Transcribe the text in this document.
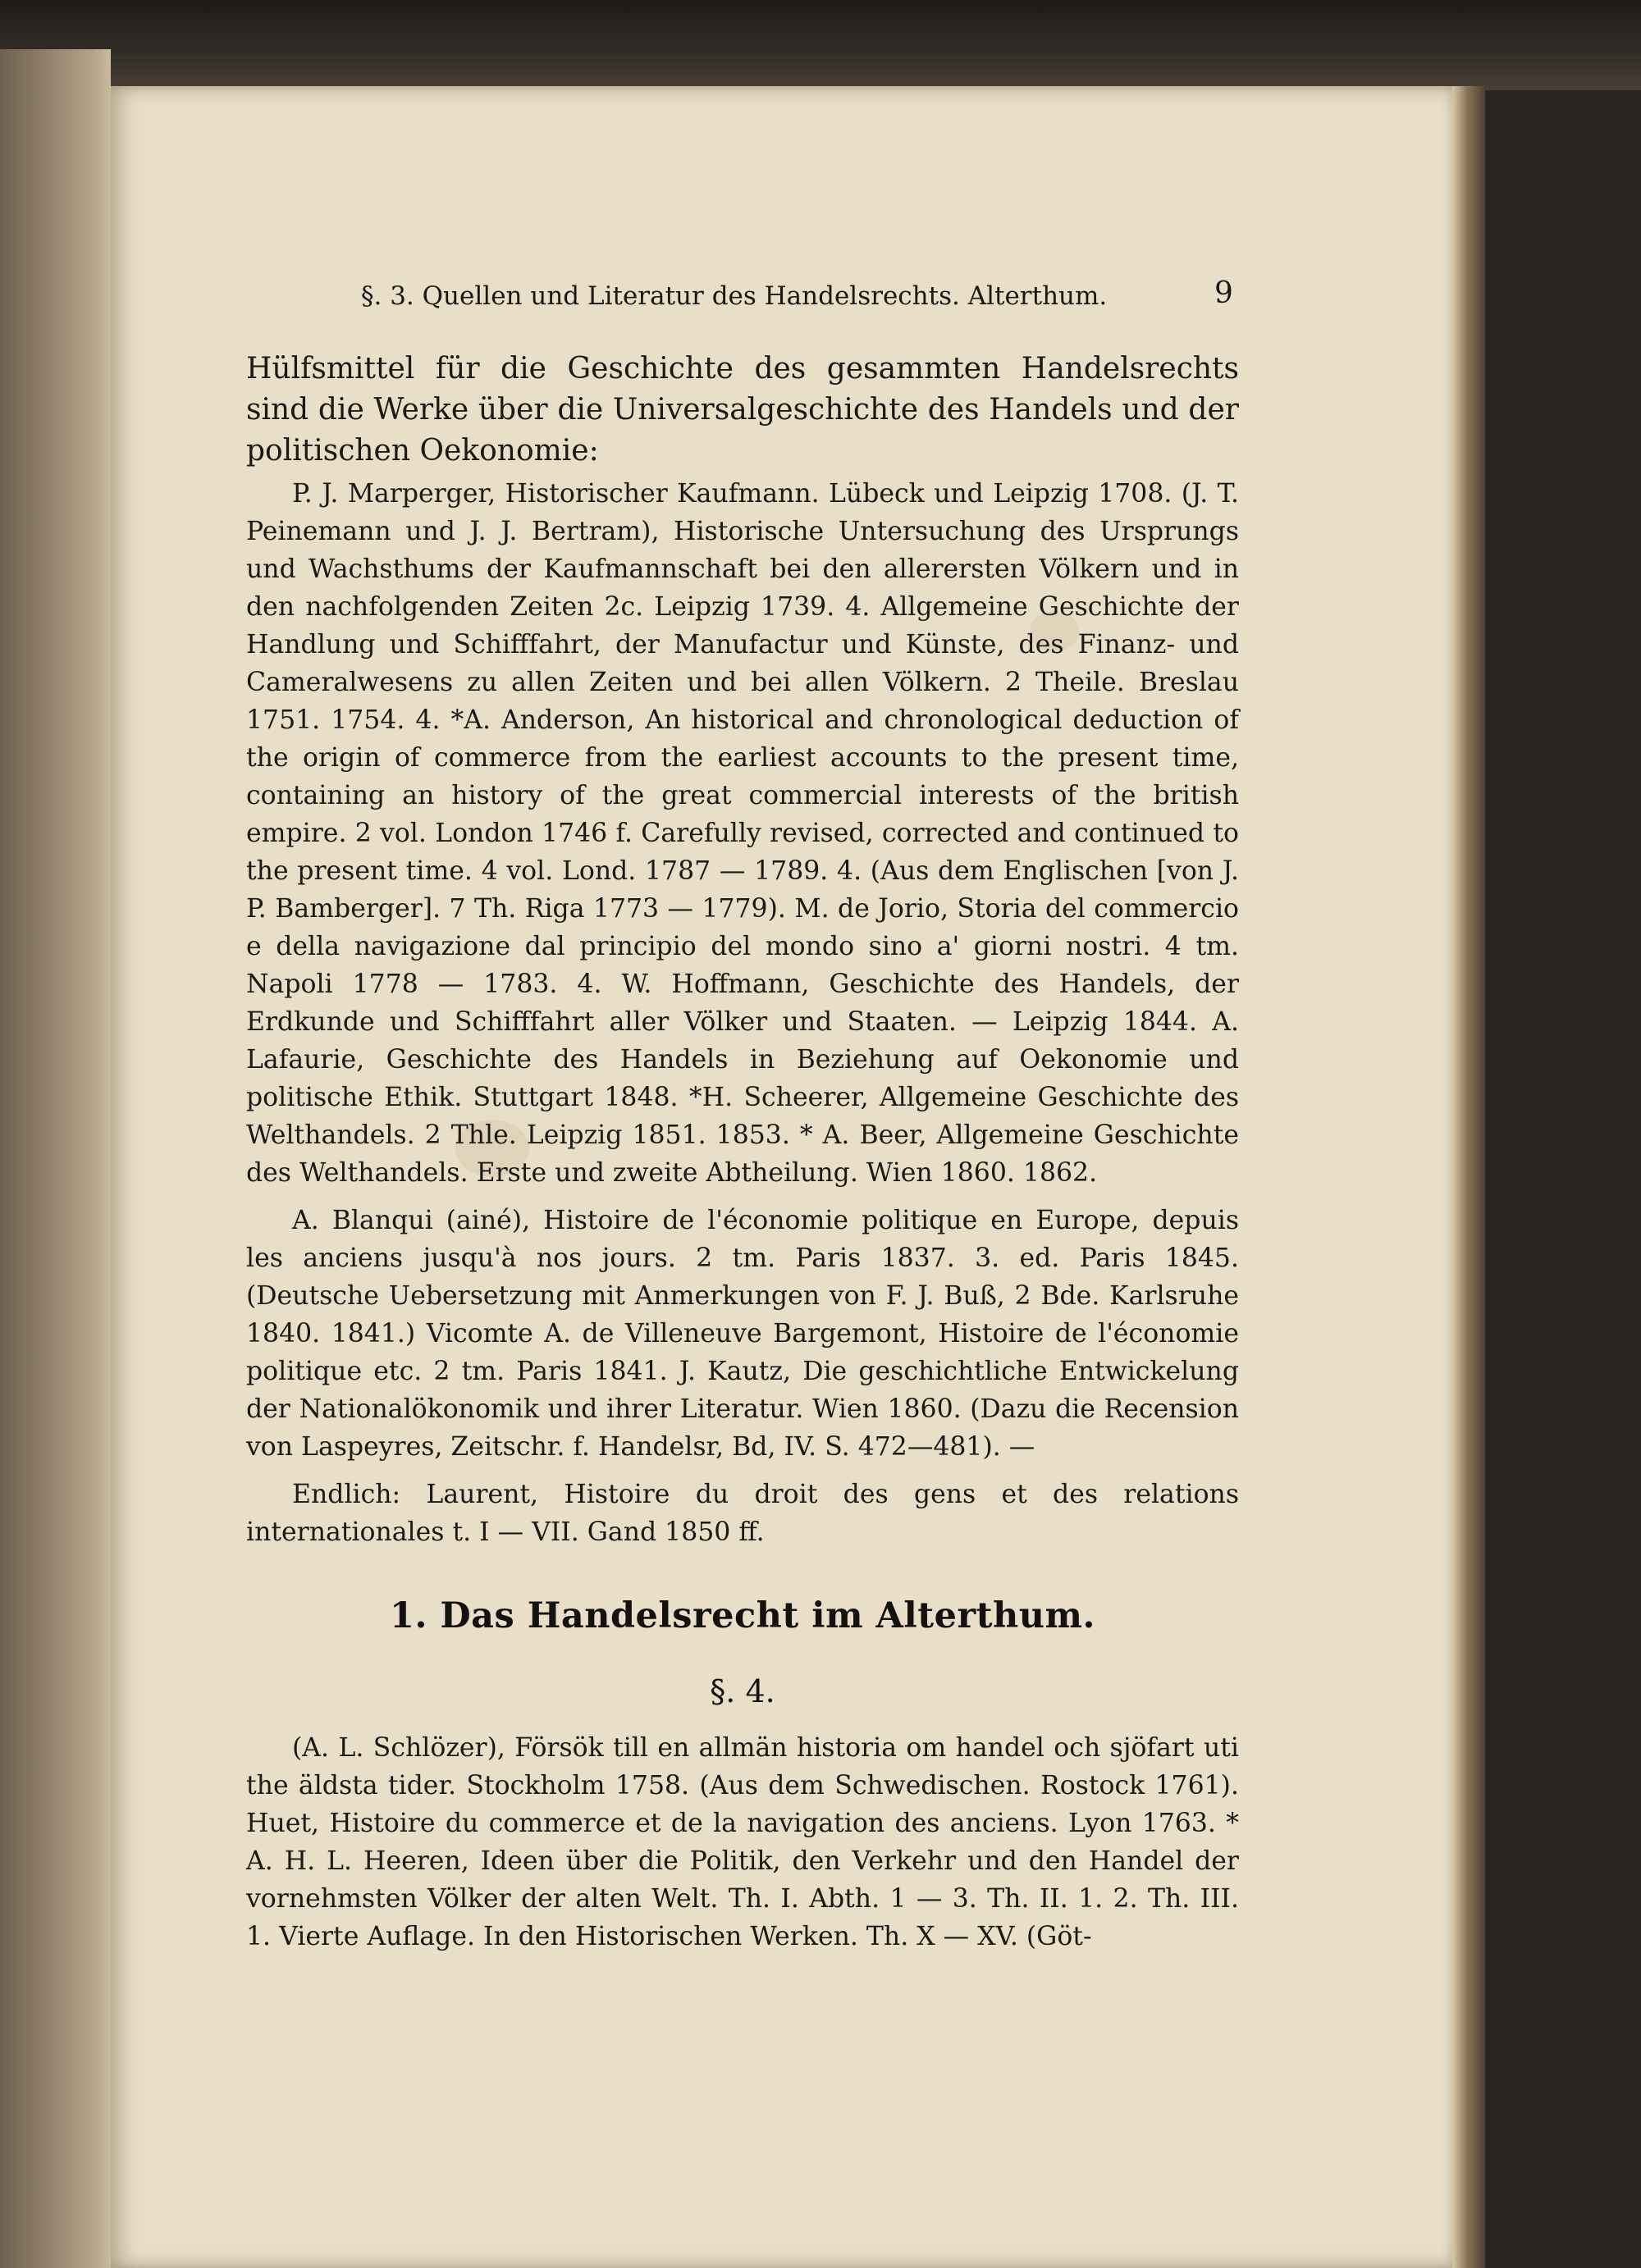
§. 3. Quellen und Literatur des Handelsrechts. Alterthum.	9

Hülfsmittel für die Geschichte des gesammten Handelsrechts sind die Werke über die Universalgeschichte des Handels und der politischen Oekonomie:

P. J. Marperger, Historischer Kaufmann. Lübeck und Leipzig 1708. (J. T. Peinemann und J. J. Bertram), Historische Untersuchung des Ursprungs und Wachsthums der Kaufmannschaft bei den allerersten Völkern und in den nachfolgenden Zeiten 2c. Leipzig 1739. 4. Allgemeine Geschichte der Handlung und Schifffahrt, der Manufactur und Künste, des Finanz- und Cameralwesens zu allen Zeiten und bei allen Völkern. 2 Theile. Breslau 1751. 1754. 4. *A. Anderson, An historical and chronological deduction of the origin of commerce from the earliest accounts to the present time, containing an history of the great commercial interests of the british empire. 2 vol. London 1746 f. Carefully revised, corrected and continued to the present time. 4 vol. Lond. 1787 — 1789. 4. (Aus dem Englischen [von J. P. Bamberger]. 7 Th. Riga 1773 — 1779). M. de Jorio, Storia del commercio e della navigazione dal principio del mondo sino a' giorni nostri. 4 tm. Napoli 1778 — 1783. 4. W. Hoffmann, Geschichte des Handels, der Erdkunde und Schifffahrt aller Völker und Staaten. — Leipzig 1844. A. Lafaurie, Geschichte des Handels in Beziehung auf Oekonomie und politische Ethik. Stuttgart 1848. *H. Scheerer, Allgemeine Geschichte des Welthandels. 2 Thle. Leipzig 1851. 1853. * A. Beer, Allgemeine Geschichte des Welthandels. Erste und zweite Abtheilung. Wien 1860. 1862.

A. Blanqui (ainé), Histoire de l'économie politique en Europe, depuis les anciens jusqu'à nos jours. 2 tm. Paris 1837. 3. ed. Paris 1845. (Deutsche Uebersetzung mit Anmerkungen von F. J. Buß, 2 Bde. Karlsruhe 1840. 1841.) Vicomte A. de Villeneuve Bargemont, Histoire de l'économie politique etc. 2 tm. Paris 1841. J. Kautz, Die geschichtliche Entwickelung der Nationalökonomik und ihrer Literatur. Wien 1860. (Dazu die Recension von Laspeyres, Zeitschr. f. Handelsr, Bd, IV. S. 472—481). —

Endlich: Laurent, Histoire du droit des gens et des relations internationales t. I — VII. Gand 1850 ff.

1. Das Handelsrecht im Alterthum.
§. 4.

(A. L. Schlözer), Försök till en allmän historia om handel och sjöfart uti the äldsta tider. Stockholm 1758. (Aus dem Schwedischen. Rostock 1761). Huet, Histoire du commerce et de la navigation des anciens. Lyon 1763. * A. H. L. Heeren, Ideen über die Politik, den Verkehr und den Handel der vornehmsten Völker der alten Welt. Th. I. Abth. 1 — 3. Th. II. 1. 2. Th. III. 1. Vierte Auflage. In den Historischen Werken. Th. X — XV. (Göt-
